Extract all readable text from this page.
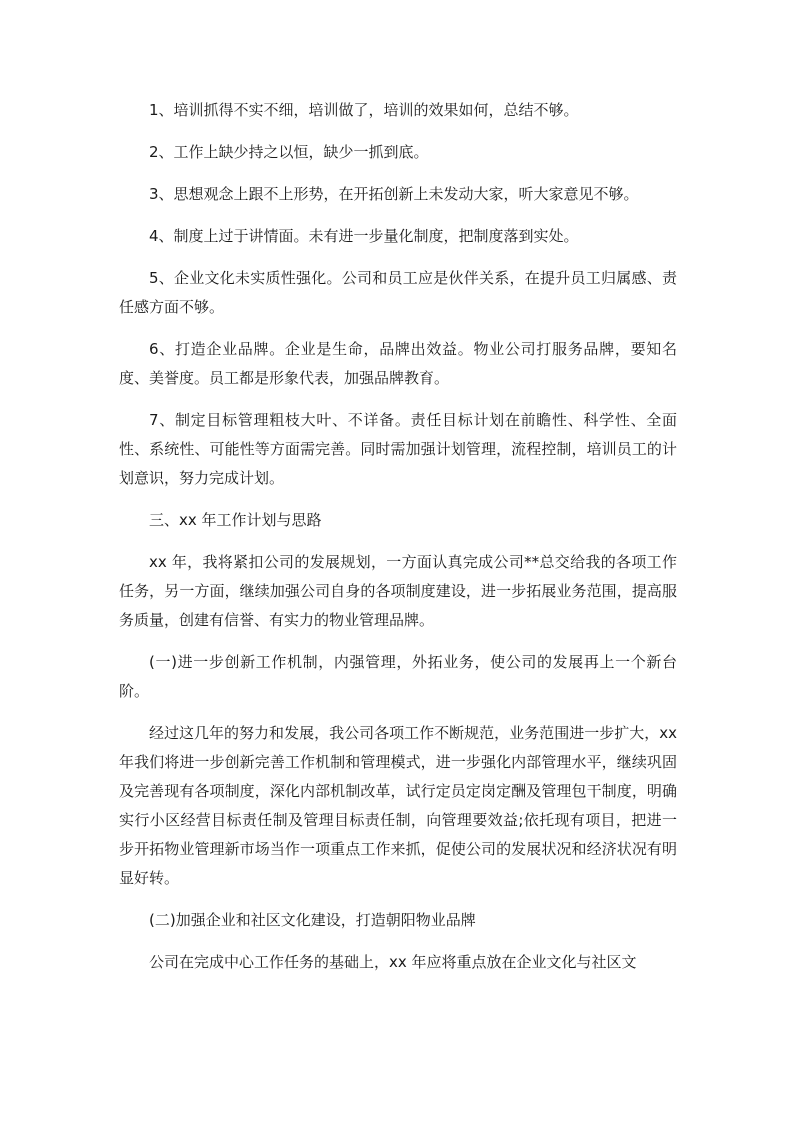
1、培训抓得不实不细，培训做了，培训的效果如何，总结不够。

2、工作上缺少持之以恒，缺少一抓到底。

3、思想观念上跟不上形势，在开拓创新上未发动大家，听大家意见不够。

4、制度上过于讲情面。未有进一步量化制度，把制度落到实处。

5、企业文化未实质性强化。公司和员工应是伙伴关系，在提升员工归属感、责任感方面不够。

6、打造企业品牌。企业是生命，品牌出效益。物业公司打服务品牌，要知名度、美誉度。员工都是形象代表，加强品牌教育。

7、制定目标管理粗枝大叶、不详备。责任目标计划在前瞻性、科学性、全面性、系统性、可能性等方面需完善。同时需加强计划管理，流程控制，培训员工的计划意识，努力完成计划。

三、xx 年工作计划与思路

xx 年，我将紧扣公司的发展规划，一方面认真完成公司**总交给我的各项工作任务，另一方面，继续加强公司自身的各项制度建设，进一步拓展业务范围，提高服务质量，创建有信誉、有实力的物业管理品牌。

(一)进一步创新工作机制，内强管理，外拓业务，使公司的发展再上一个新台阶。

经过这几年的努力和发展，我公司各项工作不断规范，业务范围进一步扩大，xx 年我们将进一步创新完善工作机制和管理模式，进一步强化内部管理水平，继续巩固及完善现有各项制度，深化内部机制改革，试行定员定岗定酬及管理包干制度，明确实行小区经营目标责任制及管理目标责任制，向管理要效益;依托现有项目，把进一步开拓物业管理新市场当作一项重点工作来抓，促使公司的发展状况和经济状况有明显好转。

(二)加强企业和社区文化建设，打造朝阳物业品牌

公司在完成中心工作任务的基础上，xx 年应将重点放在企业文化与社区文
